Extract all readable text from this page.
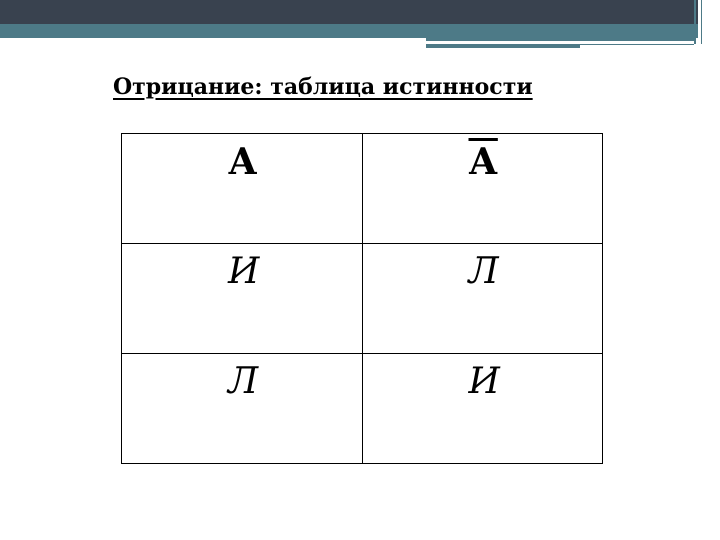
Отрицание: таблица истинности
А	А

И	Л

Л	И
